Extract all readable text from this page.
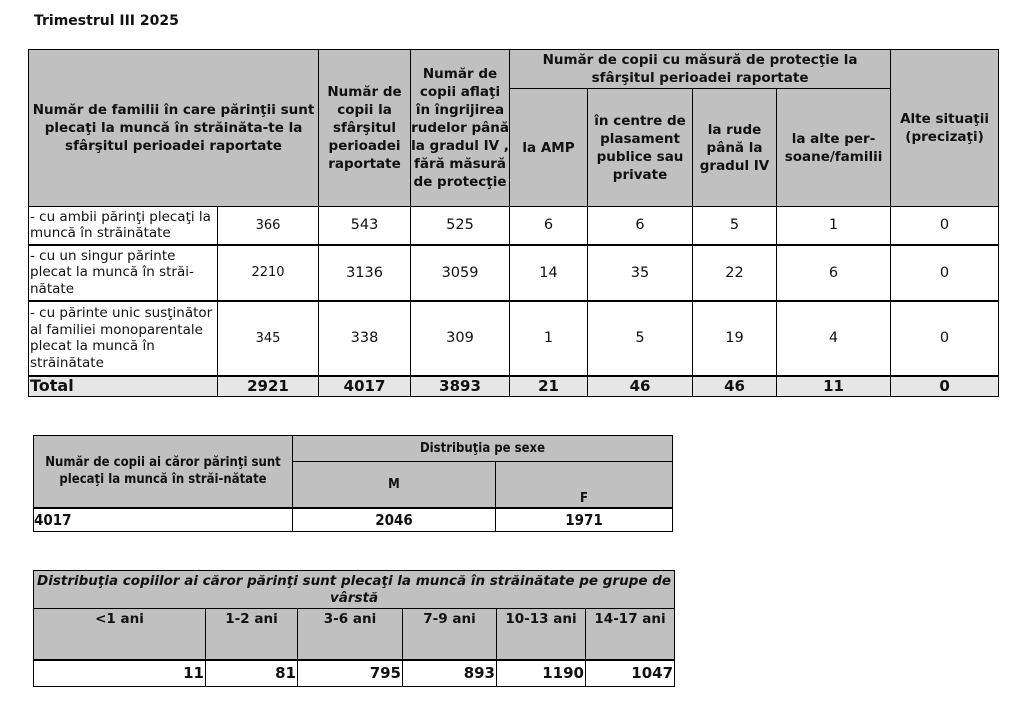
Trimestrul III 2025
Număr de familii în care părinţii sunt plecaţi la muncă în străinăta-te la sfârşitul perioadei raportate		Număr de copii la sfârşitul perioadei raportate	Număr de copii aflaţi în îngrijirea rudelor până la gradul IV , fără măsură de protecţie	Număr de copii cu măsură de protecţie la sfârşitul perioadei raportate				Alte situaţii (precizaţi)
				la AMP	în centre de plasament publice sau private	la rude până la gradul IV	la alte per-soane/familii	
- cu ambii părinţi plecaţi la muncă în străinătate	366	543	525	6	6	5	1	0
- cu un singur părinte plecat la muncă în străi-nătate	2210	3136	3059	14	35	22	6	0
- cu părinte unic susţinător al familiei monoparentale plecat la muncă în străinătate	345	338	309	1	5	19	4	0
Total	2921	4017	3893	21	46	46	11	0
Număr de copii ai căror părinţi sunt plecaţi la muncă în străi-nătate	Distribuţia pe sexe	
	M	F
4017	2046	1971
Distribuţia copiilor ai căror părinţi sunt plecaţi la muncă în străinătate pe grupe de vârstă					
<1 ani	1-2 ani	3-6 ani	7-9 ani	10-13 ani	14-17 ani
11	81	795	893	1190	1047
